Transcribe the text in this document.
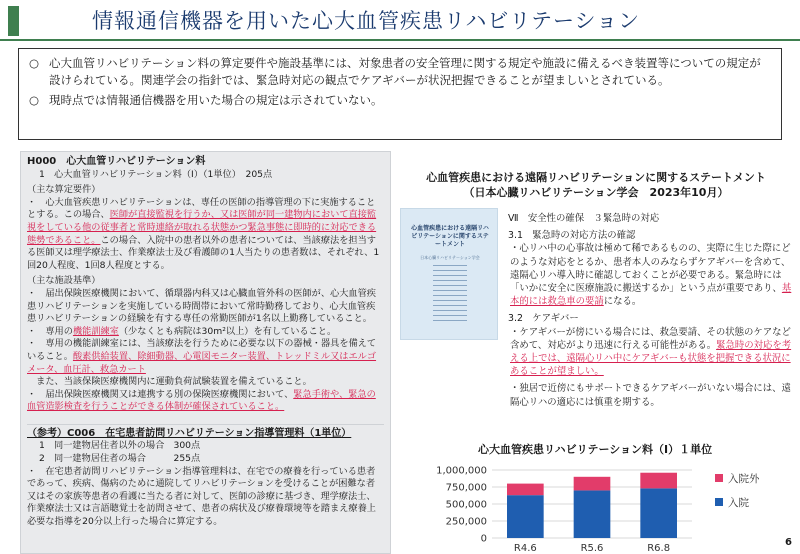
情報通信機器を用いた心大血管疾患リハビリテーション
○ 心大血管リハビリテーション料の算定要件や施設基準には、対象患者の安全管理に関する規定や施設に備えるべき装置等についての規定が設けられている。関連学会の指針では、緊急時対応の観点でケアギバーが状況把握できることが望ましいとされている。
○ 現時点では情報通信機器を用いた場合の規定は示されていない。
H000　心大血管リハビリテーション料
1　心大血管リハビリテーション料（Ⅰ）（1単位）　205点
（主な算定要件）
・　心大血管疾患リハビリテーションは、専任の医師の指導管理の下に実施することとする。この場合、医師が直接監視を行うか、又は医師が同一建物内において直接監視をしている他の従事者と常時連絡が取れる状態かつ緊急事態に即時的に対応できる態勢であること。この場合、入院中の患者以外の患者については、当該療法を担当する医師又は理学療法士、作業療法士及び看護師の1人当たりの患者数は、それぞれ、1回20人程度、1回8人程度とする。
（主な施設基準）
・　届出保険医療機関において、循環器内科又は心臓血管外科の医師が、心大血管疾患リハビリテーションを実施している時間帯において常時勤務しており、心大血管疾患リハビリテーションの経験を有する専任の常勤医師が1名以上勤務していること。
・　専用の機能訓練室（少なくとも病院は30m²以上）を有していること。
・　専用の機能訓練室には、当該療法を行うために必要な以下の器械・器具を備えていること。酸素供給装置、除細動器、心電図モニター装置、トレッドミル又はエルゴメータ、血圧計、救急カート
　また、当該保険医療機関内に運動負荷試験装置を備えていること。
・　届出保険医療機関又は連携する別の保険医療機関において、緊急手術や、緊急の血管造影検査を行うことができる体制が確保されていること。
（参考）C006　在宅患者訪問リハビリテーション指導管理料（1単位）
1　同一建物居住者以外の場合　300点
2　同一建物居住者の場合　　　255点
・　在宅患者訪問リハビリテーション指導管理料は、在宅での療養を行っている患者であって、疾病、傷病のために通院してリハビリテーションを受けることが困難な者又はその家族等患者の看護に当たる者に対して、医師の診療に基づき、理学療法士、作業療法士又は言語聴覚士を訪問させて、患者の病状及び療養環境等を踏まえ療養上必要な指導を20分以上行った場合に算定する。
心血管疾患における遠隔リハビリテーションに関するステートメント
（日本心臓リハビリテーション学会　2023年10月）
心血管疾患における遠隔リハビリテーションに関するステートメント
日本心臓リハビリテーション学会
Ⅶ　安全性の確保　３緊急時の対応
3.1　緊急時の対応方法の確認
・心リハ中の心事故は極めて稀であるものの、実際に生じた際にどのような対応をとるか、患者本人のみならずケアギバーを含めて、遠隔心リハ導入時に確認しておくことが必要である。緊急時には「いかに安全に医療施設に搬送するか」という点が重要であり、基本的には救急車の要請になる。
3.2　ケアギバー
・ケアギバーが傍にいる場合には、救急要請、その状態のケアなど含めて、対応がより迅速に行える可能性がある。緊急時の対応を考える上では、遠隔心リハ中にケアギバーも状態を把握できる状況にあることが望ましい。
・独居で近傍にもサポートできるケアギバーがいない場合には、遠隔心リハの適応には慎重を期する。
心大血管疾患リハビリテーション料（Ⅰ）１単位
0
250,000
500,000
750,000
1,000,000
R4.6	R5.6	R6.8
入院外
入院
6
